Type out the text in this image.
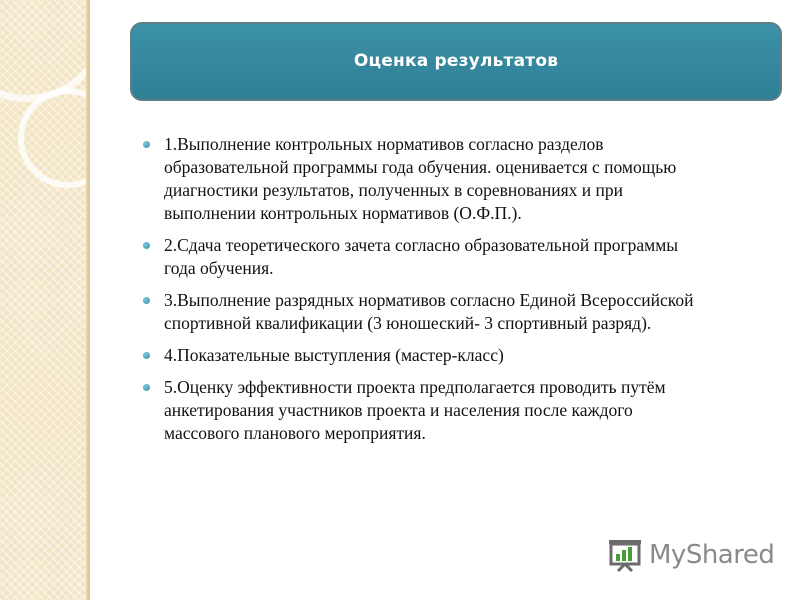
Оценка результатов
1.Выполнение контрольных нормативов согласно разделов
образовательной программы года обучения. оценивается с помощью
диагностики результатов, полученных в соревнованиях и при
выполнении контрольных нормативов (О.Ф.П.).
2.Сдача теоретического зачета согласно образовательной программы
года обучения.
3.Выполнение разрядных нормативов согласно Единой Всероссийской
спортивной квалификации (3 юношеский- 3 спортивный разряд).
4.Показательные выступления (мастер-класс)
5.Оценку эффективности проекта предполагается проводить путём
анкетирования участников проекта и населения после каждого
массового планового мероприятия.
MyShared
